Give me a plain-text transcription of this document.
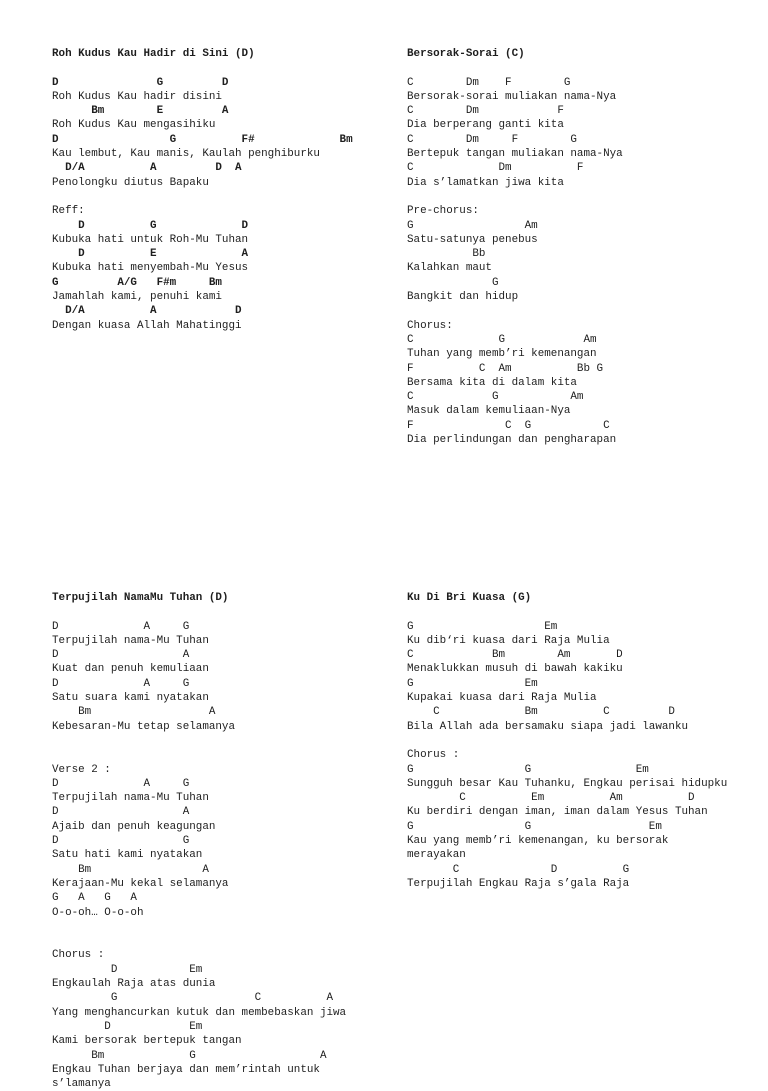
Roh Kudus Kau Hadir di Sini (D)
D               G         D
Roh Kudus Kau hadir disini
Bm        E         A
Roh Kudus Kau mengasihiku
D                 G          F#             Bm
Kau lembut, Kau manis, Kaulah penghiburku
D/A          A         D  A
Penolongku diutus Bapaku
Reff:
D          G             D
Kubuka hati untuk Roh-Mu Tuhan
D          E             A
Kubuka hati menyembah-Mu Yesus
G         A/G   F#m     Bm
Jamahlah kami, penuhi kami
D/A          A            D
Dengan kuasa Allah Mahatinggi
Bersorak-Sorai (C)
C        Dm    F        G
Bersorak-sorai muliakan nama-Nya
C        Dm            F
Dia berperang ganti kita
C        Dm     F        G
Bertepuk tangan muliakan nama-Nya
C             Dm          F
Dia s’lamatkan jiwa kita
Pre-chorus:
G                 Am
Satu-satunya penebus
Bb
Kalahkan maut
G
Bangkit dan hidup
Chorus:
C             G            Am
Tuhan yang memb’ri kemenangan
F          C  Am          Bb G
Bersama kita di dalam kita
C            G           Am
Masuk dalam kemuliaan-Nya
F              C  G           C
Dia perlindungan dan pengharapan
Terpujilah NamaMu Tuhan (D)
D             A     G
Terpujilah nama-Mu Tuhan
D                   A
Kuat dan penuh kemuliaan
D             A     G
Satu suara kami nyatakan
Bm                  A
Kebesaran-Mu tetap selamanya
Verse 2 :
D             A     G
Terpujilah nama-Mu Tuhan
D                   A
Ajaib dan penuh keagungan
D                   G
Satu hati kami nyatakan
Bm                 A
Kerajaan-Mu kekal selamanya
G   A   G   A
O-o-oh… O-o-oh
Chorus :
D           Em
Engkaulah Raja atas dunia
G                     C          A
Yang menghancurkan kutuk dan membebaskan jiwa
D            Em
Kami bersorak bertepuk tangan
Bm             G                   A
Engkau Tuhan berjaya dan mem’rintah untuk
s’lamanya
Ku Di Bri Kuasa (G)
G                    Em
Ku dib‘ri kuasa dari Raja Mulia
C            Bm        Am       D
Menaklukkan musuh di bawah kakiku
G                 Em
Kupakai kuasa dari Raja Mulia
C             Bm          C         D
Bila Allah ada bersamaku siapa jadi lawanku
Chorus :
G                 G                Em
Sungguh besar Kau Tuhanku, Engkau perisai hidupku
C          Em          Am          D
Ku berdiri dengan iman, iman dalam Yesus Tuhan
G                 G                  Em
Kau yang memb’ri kemenangan, ku bersorak
merayakan
C              D          G
Terpujilah Engkau Raja s’gala Raja
